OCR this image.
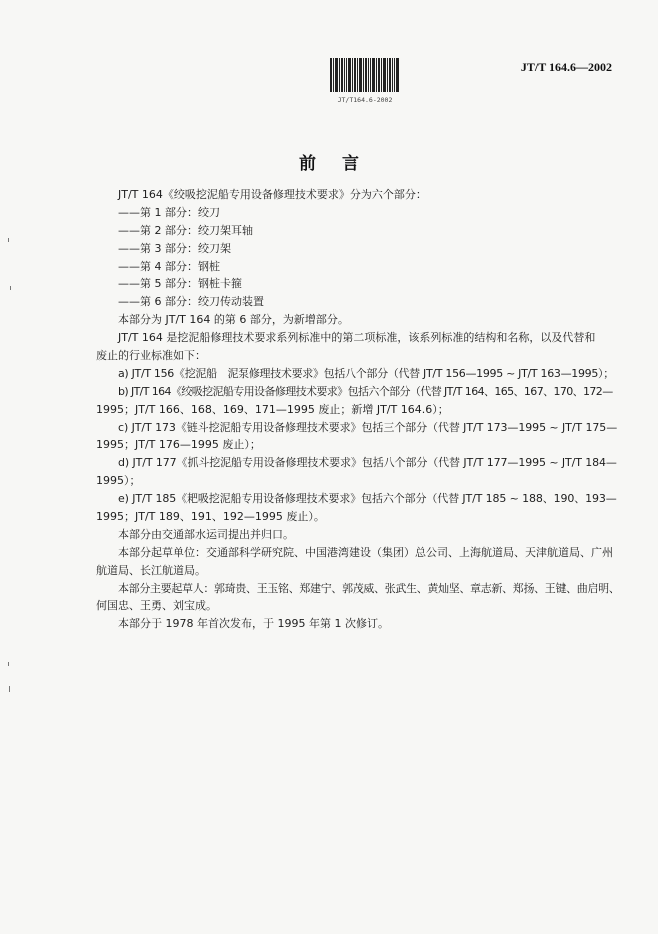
JT/T164.6-2002
JT/T 164.6—2002
前 言
JT/T 164《绞吸挖泥船专用设备修理技术要求》分为六个部分：
——第 1 部分：绞刀
——第 2 部分：绞刀架耳轴
——第 3 部分：绞刀架
——第 4 部分：钢桩
——第 5 部分：钢桩卡箍
——第 6 部分：绞刀传动装置
本部分为 JT/T 164 的第 6 部分，为新增部分。
JT/T 164 是挖泥船修理技术要求系列标准中的第二项标准，该系列标准的结构和名称，以及代替和
废止的行业标准如下：
a) JT/T 156《挖泥船　泥泵修理技术要求》包括八个部分（代替 JT/T 156—1995 ~ JT/T 163—1995）；
b) JT/T 164《绞吸挖泥船专用设备修理技术要求》包括六个部分（代替 JT/T 164、165、167、170、172—
1995；JT/T 166、168、169、171—1995 废止；新增 JT/T 164.6）；
c) JT/T 173《链斗挖泥船专用设备修理技术要求》包括三个部分（代替 JT/T 173—1995 ~ JT/T 175—
1995；JT/T 176—1995 废止）；
d) JT/T 177《抓斗挖泥船专用设备修理技术要求》包括八个部分（代替 JT/T 177—1995 ~ JT/T 184—
1995）；
e) JT/T 185《耙吸挖泥船专用设备修理技术要求》包括六个部分（代替 JT/T 185 ~ 188、190、193—
1995；JT/T 189、191、192—1995 废止）。
本部分由交通部水运司提出并归口。
本部分起草单位：交通部科学研究院、中国港湾建设（集团）总公司、上海航道局、天津航道局、广州
航道局、长江航道局。
本部分主要起草人：郭琦贵、王玉铭、郑建宁、郭茂威、张武生、黄灿坚、章志新、郑扬、王键、曲启明、
何国忠、王勇、刘宝成。
本部分于 1978 年首次发布，于 1995 年第 1 次修订。
